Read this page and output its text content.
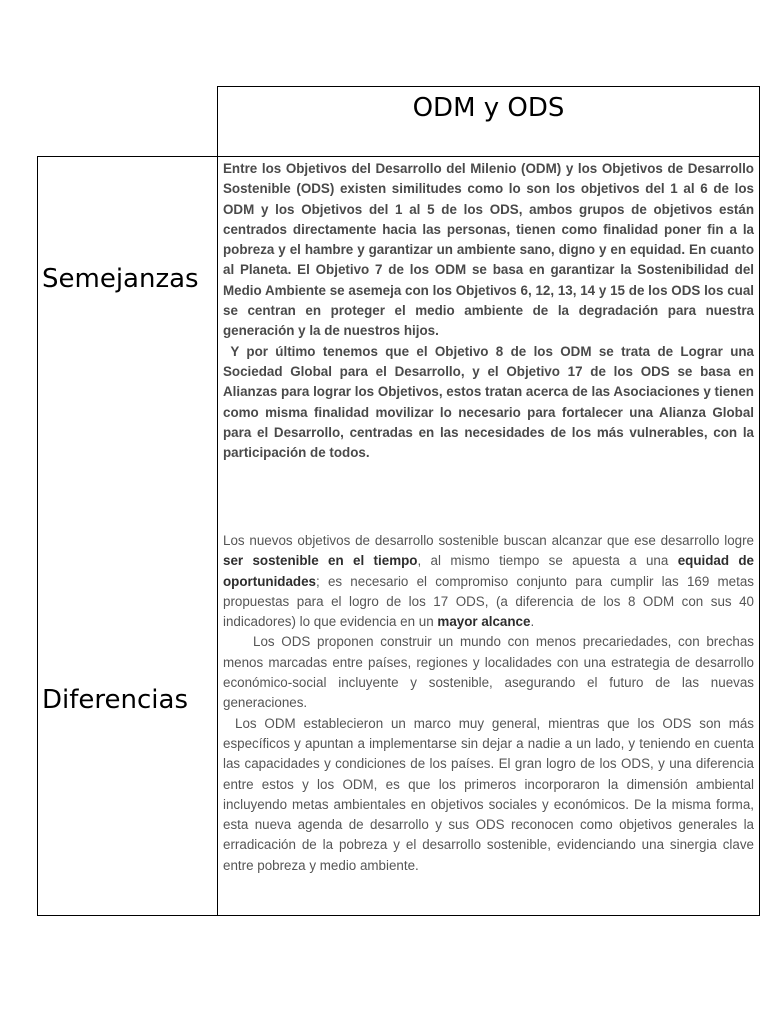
ODM y ODS
Semejanzas

Entre los Objetivos del Desarrollo del Milenio (ODM) y los Objetivos de Desarrollo Sostenible (ODS) existen similitudes como lo son los objetivos del 1 al 6 de los ODM y los Objetivos del 1 al 5 de los ODS, ambos grupos de objetivos están centrados directamente hacia las personas, tienen como finalidad poner fin a la pobreza y el hambre y garantizar un ambiente sano, digno y en equidad. En cuanto al Planeta. El Objetivo 7 de los ODM se basa en garantizar la Sostenibilidad del Medio Ambiente se asemeja con los Objetivos 6, 12, 13, 14 y 15 de los ODS los cual se centran en proteger el medio ambiente de la degradación para nuestra generación y la de nuestros hijos.

Y por último tenemos que el Objetivo 8 de los ODM se trata de Lograr una Sociedad Global para el Desarrollo, y el Objetivo 17 de los ODS se basa en Alianzas para lograr los Objetivos, estos tratan acerca de las Asociaciones y tienen como misma finalidad movilizar lo necesario para fortalecer una Alianza Global para el Desarrollo, centradas en las necesidades de los más vulnerables, con la participación de todos.

Diferencias

Los nuevos objetivos de desarrollo sostenible buscan alcanzar que ese desarrollo logre ser sostenible en el tiempo, al mismo tiempo se apuesta a una equidad de oportunidades; es necesario el compromiso conjunto para cumplir las 169 metas propuestas para el logro de los 17 ODS, (a diferencia de los 8 ODM con sus 40 indicadores) lo que evidencia en un mayor alcance.

Los ODS proponen construir un mundo con menos precariedades, con brechas menos marcadas entre países, regiones y localidades con una estrategia de desarrollo económico-social incluyente y sostenible, asegurando el futuro de las nuevas generaciones.

Los ODM establecieron un marco muy general, mientras que los ODS son más específicos y apuntan a implementarse sin dejar a nadie a un lado, y teniendo en cuenta las capacidades y condiciones de los países. El gran logro de los ODS, y una diferencia entre estos y los ODM, es que los primeros incorporaron la dimensión ambiental incluyendo metas ambientales en objetivos sociales y económicos. De la misma forma, esta nueva agenda de desarrollo y sus ODS reconocen como objetivos generales la erradicación de la pobreza y el desarrollo sostenible, evidenciando una sinergia clave entre pobreza y medio ambiente.
